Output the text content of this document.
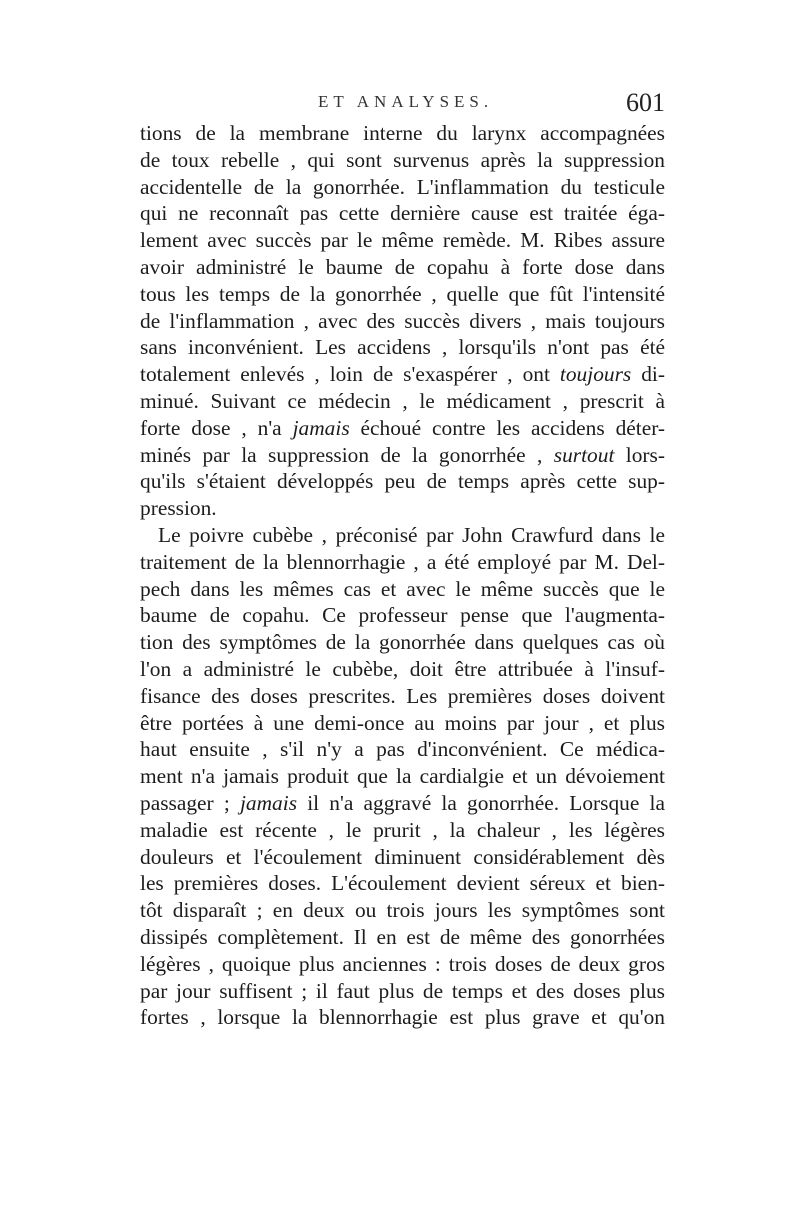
ET ANALYSES.	601
tions de la membrane interne du larynx accompagnées
de toux rebelle , qui sont survenus après la suppression
accidentelle de la gonorrhée. L'inflammation du testicule
qui ne reconnaît pas cette dernière cause est traitée éga-
lement avec succès par le même remède. M. Ribes assure
avoir administré le baume de copahu à forte dose dans
tous les temps de la gonorrhée , quelle que fût l'intensité
de l'inflammation , avec des succès divers , mais toujours
sans inconvénient. Les accidens , lorsqu'ils n'ont pas été
totalement enlevés , loin de s'exaspérer , ont toujours di-
minué. Suivant ce médecin , le médicament , prescrit à
forte dose , n'a jamais échoué contre les accidens déter-
minés par la suppression de la gonorrhée , surtout lors-
qu'ils s'étaient développés peu de temps après cette sup-
pression.
Le poivre cubèbe , préconisé par John Crawfurd dans le
traitement de la blennorrhagie , a été employé par M. Del-
pech dans les mêmes cas et avec le même succès que le
baume de copahu. Ce professeur pense que l'augmenta-
tion des symptômes de la gonorrhée dans quelques cas où
l'on a administré le cubèbe, doit être attribuée à l'insuf-
fisance des doses prescrites. Les premières doses doivent
être portées à une demi-once au moins par jour , et plus
haut ensuite , s'il n'y a pas d'inconvénient. Ce médica-
ment n'a jamais produit que la cardialgie et un dévoiement
passager ; jamais il n'a aggravé la gonorrhée. Lorsque la
maladie est récente , le prurit , la chaleur , les légères
douleurs et l'écoulement diminuent considérablement dès
les premières doses. L'écoulement devient séreux et bien-
tôt disparaît ; en deux ou trois jours les symptômes sont
dissipés complètement. Il en est de même des gonorrhées
légères , quoique plus anciennes : trois doses de deux gros
par jour suffisent ; il faut plus de temps et des doses plus
fortes , lorsque la blennorrhagie est plus grave et qu'on
